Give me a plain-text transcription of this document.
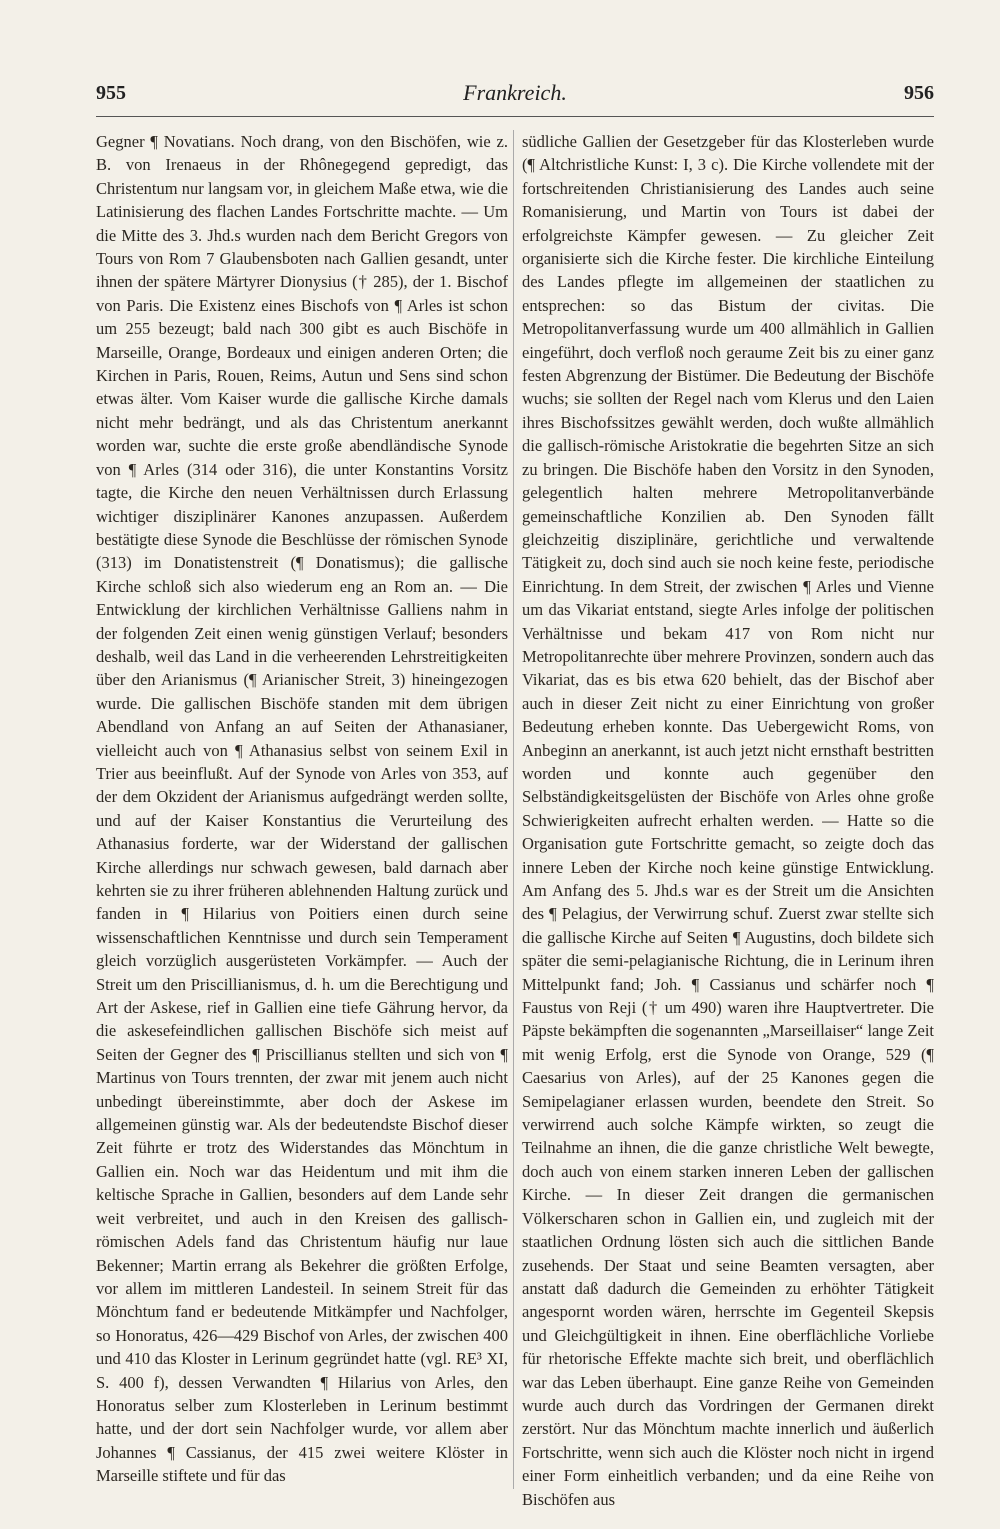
955	Frankreich.	956

Gegner ¶ Novatians. Noch drang, von den Bischöfen, wie z. B. von Irenaeus in der Rhônegegend gepredigt, das Christentum nur langsam vor, in gleichem Maße etwa, wie die Latinisierung des flachen Landes Fortschritte machte. — Um die Mitte des 3. Jhd.s wurden nach dem Bericht Gregors von Tours von Rom 7 Glaubensboten nach Gallien gesandt, unter ihnen der spätere Märtyrer Dionysius († 285), der 1. Bischof von Paris. Die Existenz eines Bischofs von ¶ Arles ist schon um 255 bezeugt; bald nach 300 gibt es auch Bischöfe in Marseille, Orange, Bordeaux und einigen anderen Orten; die Kirchen in Paris, Rouen, Reims, Autun und Sens sind schon etwas älter. Vom Kaiser wurde die gallische Kirche damals nicht mehr bedrängt, und als das Christentum anerkannt worden war, suchte die erste große abendländische Synode von ¶ Arles (314 oder 316), die unter Konstantins Vorsitz tagte, die Kirche den neuen Verhältnissen durch Erlassung wichtiger disziplinärer Kanones anzupassen. Außerdem bestätigte diese Synode die Beschlüsse der römischen Synode (313) im Donatistenstreit (¶ Donatismus); die gallische Kirche schloß sich also wiederum eng an Rom an. — Die Entwicklung der kirchlichen Verhältnisse Galliens nahm in der folgenden Zeit einen wenig günstigen Verlauf; besonders deshalb, weil das Land in die verheerenden Lehrstreitigkeiten über den Arianismus (¶ Arianischer Streit, 3) hineingezogen wurde. Die gallischen Bischöfe standen mit dem übrigen Abendland von Anfang an auf Seiten der Athanasianer, vielleicht auch von ¶ Athanasius selbst von seinem Exil in Trier aus beeinflußt. Auf der Synode von Arles von 353, auf der dem Okzident der Arianismus aufgedrängt werden sollte, und auf der Kaiser Konstantius die Verurteilung des Athanasius forderte, war der Widerstand der gallischen Kirche allerdings nur schwach gewesen, bald darnach aber kehrten sie zu ihrer früheren ablehnenden Haltung zurück und fanden in ¶ Hilarius von Poitiers einen durch seine wissenschaftlichen Kenntnisse und durch sein Temperament gleich vorzüglich ausgerüsteten Vorkämpfer. — Auch der Streit um den Priscillianismus, d. h. um die Berechtigung und Art der Askese, rief in Gallien eine tiefe Gährung hervor, da die askesefeindlichen gallischen Bischöfe sich meist auf Seiten der Gegner des ¶ Priscillianus stellten und sich von ¶ Martinus von Tours trennten, der zwar mit jenem auch nicht unbedingt übereinstimmte, aber doch der Askese im allgemeinen günstig war. Als der bedeutendste Bischof dieser Zeit führte er trotz des Widerstandes das Mönchtum in Gallien ein. Noch war das Heidentum und mit ihm die keltische Sprache in Gallien, besonders auf dem Lande sehr weit verbreitet, und auch in den Kreisen des gallisch-römischen Adels fand das Christentum häufig nur laue Bekenner; Martin errang als Bekehrer die größten Erfolge, vor allem im mittleren Landesteil. In seinem Streit für das Mönchtum fand er bedeutende Mitkämpfer und Nachfolger, so Honoratus, 426—429 Bischof von Arles, der zwischen 400 und 410 das Kloster in Lerinum gegründet hatte (vgl. RE³ XI, S. 400 f), dessen Verwandten ¶ Hilarius von Arles, den Honoratus selber zum Klosterleben in Lerinum bestimmt hatte, und der dort sein Nachfolger wurde, vor allem aber Johannes ¶ Cassianus, der 415 zwei weitere Klöster in Marseille stiftete und für das

südliche Gallien der Gesetzgeber für das Klosterleben wurde (¶ Altchristliche Kunst: I, 3 c). Die Kirche vollendete mit der fortschreitenden Christianisierung des Landes auch seine Romanisierung, und Martin von Tours ist dabei der erfolgreichste Kämpfer gewesen. — Zu gleicher Zeit organisierte sich die Kirche fester. Die kirchliche Einteilung des Landes pflegte im allgemeinen der staatlichen zu entsprechen: so das Bistum der civitas. Die Metropolitanverfassung wurde um 400 allmählich in Gallien eingeführt, doch verfloß noch geraume Zeit bis zu einer ganz festen Abgrenzung der Bistümer. Die Bedeutung der Bischöfe wuchs; sie sollten der Regel nach vom Klerus und den Laien ihres Bischofssitzes gewählt werden, doch wußte allmählich die gallisch-römische Aristokratie die begehrten Sitze an sich zu bringen. Die Bischöfe haben den Vorsitz in den Synoden, gelegentlich halten mehrere Metropolitanverbände gemeinschaftliche Konzilien ab. Den Synoden fällt gleichzeitig disziplinäre, gerichtliche und verwaltende Tätigkeit zu, doch sind auch sie noch keine feste, periodische Einrichtung. In dem Streit, der zwischen ¶ Arles und Vienne um das Vikariat entstand, siegte Arles infolge der politischen Verhältnisse und bekam 417 von Rom nicht nur Metropolitanrechte über mehrere Provinzen, sondern auch das Vikariat, das es bis etwa 620 behielt, das der Bischof aber auch in dieser Zeit nicht zu einer Einrichtung von großer Bedeutung erheben konnte. Das Uebergewicht Roms, von Anbeginn an anerkannt, ist auch jetzt nicht ernsthaft bestritten worden und konnte auch gegenüber den Selbständigkeitsgelüsten der Bischöfe von Arles ohne große Schwierigkeiten aufrecht erhalten werden. — Hatte so die Organisation gute Fortschritte gemacht, so zeigte doch das innere Leben der Kirche noch keine günstige Entwicklung. Am Anfang des 5. Jhd.s war es der Streit um die Ansichten des ¶ Pelagius, der Verwirrung schuf. Zuerst zwar stellte sich die gallische Kirche auf Seiten ¶ Augustins, doch bildete sich später die semi-pelagianische Richtung, die in Lerinum ihren Mittelpunkt fand; Joh. ¶ Cassianus und schärfer noch ¶ Faustus von Reji († um 490) waren ihre Hauptvertreter. Die Päpste bekämpften die sogenannten „Marseillaiser“ lange Zeit mit wenig Erfolg, erst die Synode von Orange, 529 (¶ Caesarius von Arles), auf der 25 Kanones gegen die Semipelagianer erlassen wurden, beendete den Streit. So verwirrend auch solche Kämpfe wirkten, so zeugt die Teilnahme an ihnen, die die ganze christliche Welt bewegte, doch auch von einem starken inneren Leben der gallischen Kirche. — In dieser Zeit drangen die germanischen Völkerscharen schon in Gallien ein, und zugleich mit der staatlichen Ordnung lösten sich auch die sittlichen Bande zusehends. Der Staat und seine Beamten versagten, aber anstatt daß dadurch die Gemeinden zu erhöhter Tätigkeit angespornt worden wären, herrschte im Gegenteil Skepsis und Gleichgültigkeit in ihnen. Eine oberflächliche Vorliebe für rhetorische Effekte machte sich breit, und oberflächlich war das Leben überhaupt. Eine ganze Reihe von Gemeinden wurde auch durch das Vordringen der Germanen direkt zerstört. Nur das Mönchtum machte innerlich und äußerlich Fortschritte, wenn sich auch die Klöster noch nicht in irgend einer Form einheitlich verbanden; und da eine Reihe von Bischöfen aus
